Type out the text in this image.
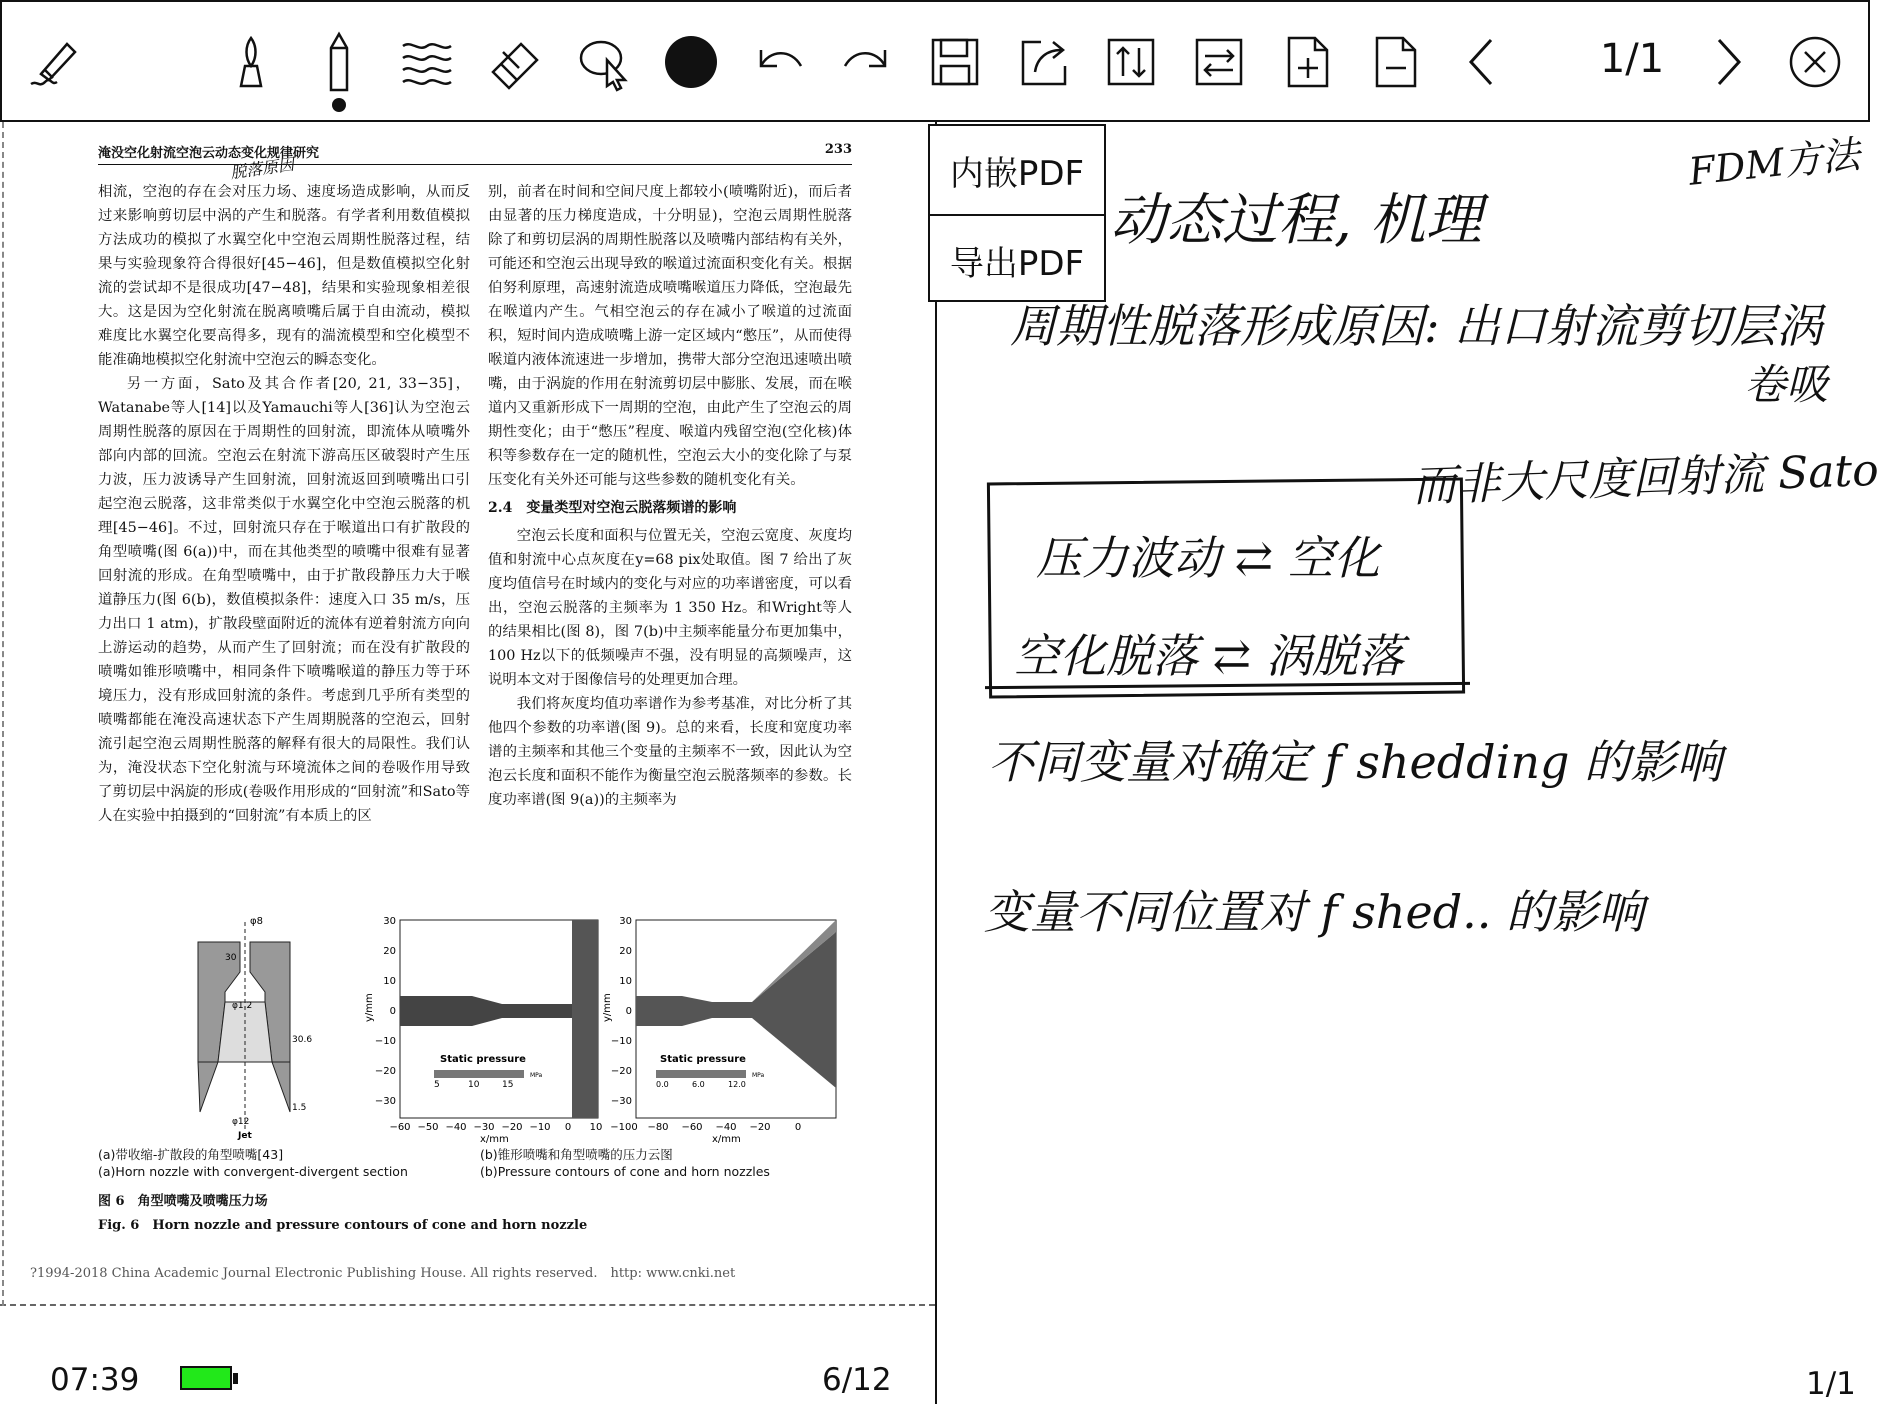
1/1
淹没空化射流空泡云动态变化规律研究	233
脱落原因

相流，空泡的存在会对压力场、速度场造成影响，从而反过来影响剪切层中涡的产生和脱落。有学者利用数值模拟方法成功的模拟了水翼空化中空泡云周期性脱落过程，结果与实验现象符合得很好[45−46]，但是数值模拟空化射流的尝试却不是很成功[47−48]，结果和实验现象相差很大。这是因为空化射流在脱离喷嘴后属于自由流动，模拟难度比水翼空化要高得多，现有的湍流模型和空化模型不能准确地模拟空化射流中空泡云的瞬态变化。

另一方面，Sato及其合作者[20, 21, 33−35]，Watanabe等人[14]以及Yamauchi等人[36]认为空泡云周期性脱落的原因在于周期性的回射流，即流体从喷嘴外部向内部的回流。空泡云在射流下游高压区破裂时产生压力波，压力波诱导产生回射流，回射流返回到喷嘴出口引起空泡云脱落，这非常类似于水翼空化中空泡云脱落的机理[45−46]。不过，回射流只存在于喉道出口有扩散段的角型喷嘴(图 6(a))中，而在其他类型的喷嘴中很难有显著回射流的形成。在角型喷嘴中，由于扩散段静压力大于喉道静压力(图 6(b)，数值模拟条件：速度入口 35 m/s，压力出口 1 atm)，扩散段壁面附近的流体有逆着射流方向向上游运动的趋势，从而产生了回射流；而在没有扩散段的喷嘴如锥形喷嘴中，相同条件下喷嘴喉道的静压力等于环境压力，没有形成回射流的条件。考虑到几乎所有类型的喷嘴都能在淹没高速状态下产生周期脱落的空泡云，回射流引起空泡云周期性脱落的解释有很大的局限性。我们认为，淹没状态下空化射流与环境流体之间的卷吸作用导致了剪切层中涡旋的形成(卷吸作用形成的“回射流”和Sato等人在实验中拍摄到的“回射流”有本质上的区

别，前者在时间和空间尺度上都较小(喷嘴附近)，而后者由显著的压力梯度造成，十分明显)，空泡云周期性脱落除了和剪切层涡的周期性脱落以及喷嘴内部结构有关外，可能还和空泡云出现导致的喉道过流面积变化有关。根据伯努利原理，高速射流造成喷嘴喉道压力降低，空泡最先在喉道内产生。气相空泡云的存在减小了喉道的过流面积，短时间内造成喷嘴上游一定区域内“憋压”，从而使得喉道内液体流速进一步增加，携带大部分空泡迅速喷出喷嘴，由于涡旋的作用在射流剪切层中膨胀、发展，而在喉道内又重新形成下一周期的空泡，由此产生了空泡云的周期性变化；由于“憋压”程度、喉道内残留空泡(空化核)体积等参数存在一定的随机性，空泡云大小的变化除了与泵压变化有关外还可能与这些参数的随机变化有关。

2.4　变量类型对空泡云脱落频谱的影响

空泡云长度和面积与位置无关，空泡云宽度、灰度均值和射流中心点灰度在y=68 pix处取值。图 7 给出了灰度均值信号在时域内的变化与对应的功率谱密度，可以看出，空泡云脱落的主频率为 1 350 Hz。和Wright等人的结果相比(图 8)，图 7(b)中主频率能量分布更加集中，100 Hz以下的低频噪声不强，没有明显的高频噪声，这说明本文对于图像信号的处理更加合理。

我们将灰度均值功率谱作为参考基准，对比分析了其他四个参数的功率谱(图 9)。总的来看，长度和宽度功率谱的主频率和其他三个变量的主频率不一致，因此认为空泡云长度和面积不能作为衡量空泡云脱落频率的参数。长度功率谱(图 9(a))的主频率为

φ8
30
φ1.2
30.6
1.5
φ12
Jet
Static pressure
MPa
5	10	15
30
20
10
0
−10
−20
−30
−60 −50 −40 −30 −20 −10 0 10
y/mm
x/mm
Static pressure
MPa
0.0	6.0	12.0
30
20
10
0
−10
−20
−30
−100 −80 −60 −40 −20 0
y/mm
x/mm
(a)带收缩-扩散段的角型喷嘴[43]
(a)Horn nozzle with convergent-divergent section
(b)锥形喷嘴和角型喷嘴的压力云图
(b)Pressure contours of cone and horn nozzles
图 6　角型喷嘴及喷嘴压力场
Fig. 6　Horn nozzle and pressure contours of cone and horn nozzle
?1994-2018 China Academic Journal Electronic Publishing House. All rights reserved.　http: www.cnki.net
内嵌PDF
导出PDF
FDM方法
动态过程, 机理
周期性脱落形成原因: 出口射流剪切层涡
卷吸
而非大尺度回射流 Sato
压力波动 ⇄ 空化
空化脱落 ⇄ 涡脱落
不同变量对确定 f shedding 的影响
变量不同位置对 f shed.. 的影响
07:39	6/12	1/1
